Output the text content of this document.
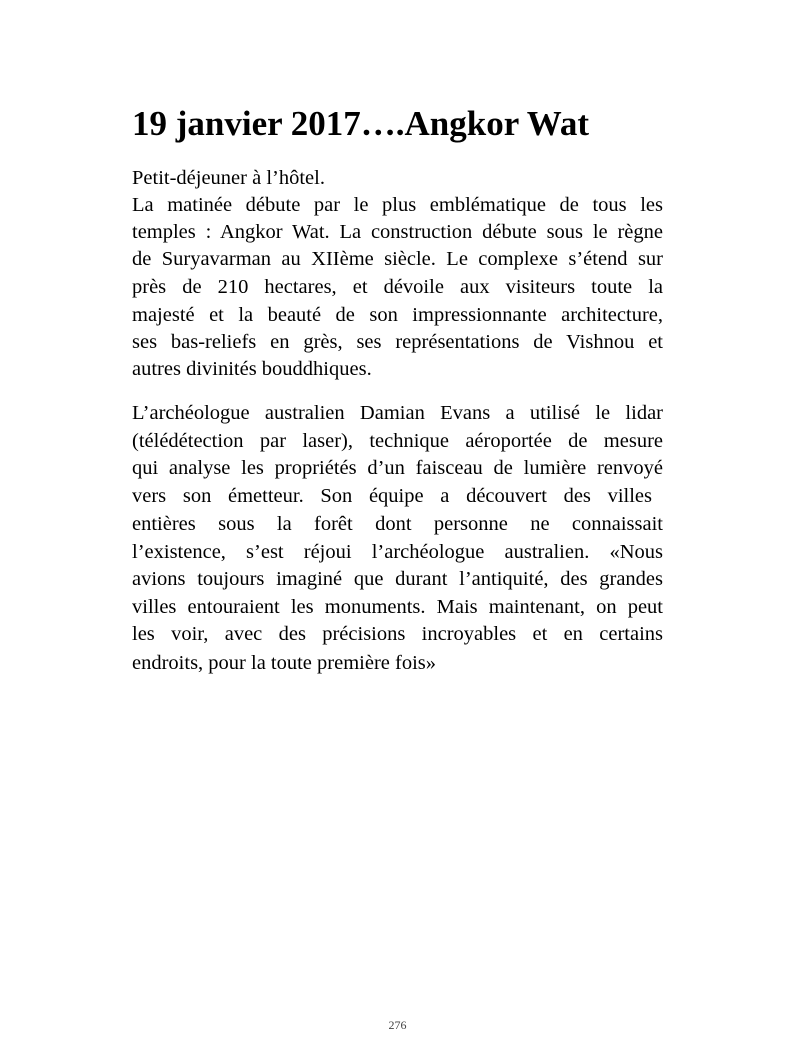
19 janvier 2017….Angkor Wat
Petit-déjeuner à l’hôtel.
La matinée débute par le plus emblématique de tous les
temples : Angkor Wat. La construction débute sous le règne
de Suryavarman au XIIème siècle. Le complexe s’étend sur
près de 210 hectares, et dévoile aux visiteurs toute la
majesté et la beauté de son impressionnante architecture,
ses bas-reliefs en grès, ses représentations de Vishnou et
autres divinités bouddhiques.
L’archéologue australien Damian Evans a utilisé le lidar
(télédétection par laser), technique aéroportée de mesure
qui analyse les propriétés d’un faisceau de lumière renvoyé
vers son émetteur. Son équipe a découvert des villes
entières sous la forêt dont personne ne connaissait
l’existence, s’est réjoui l’archéologue australien. «Nous
avions toujours imaginé que durant l’antiquité, des grandes
villes entouraient les monuments. Mais maintenant, on peut
les voir, avec des précisions incroyables et en certains
endroits, pour la toute première fois»
276
